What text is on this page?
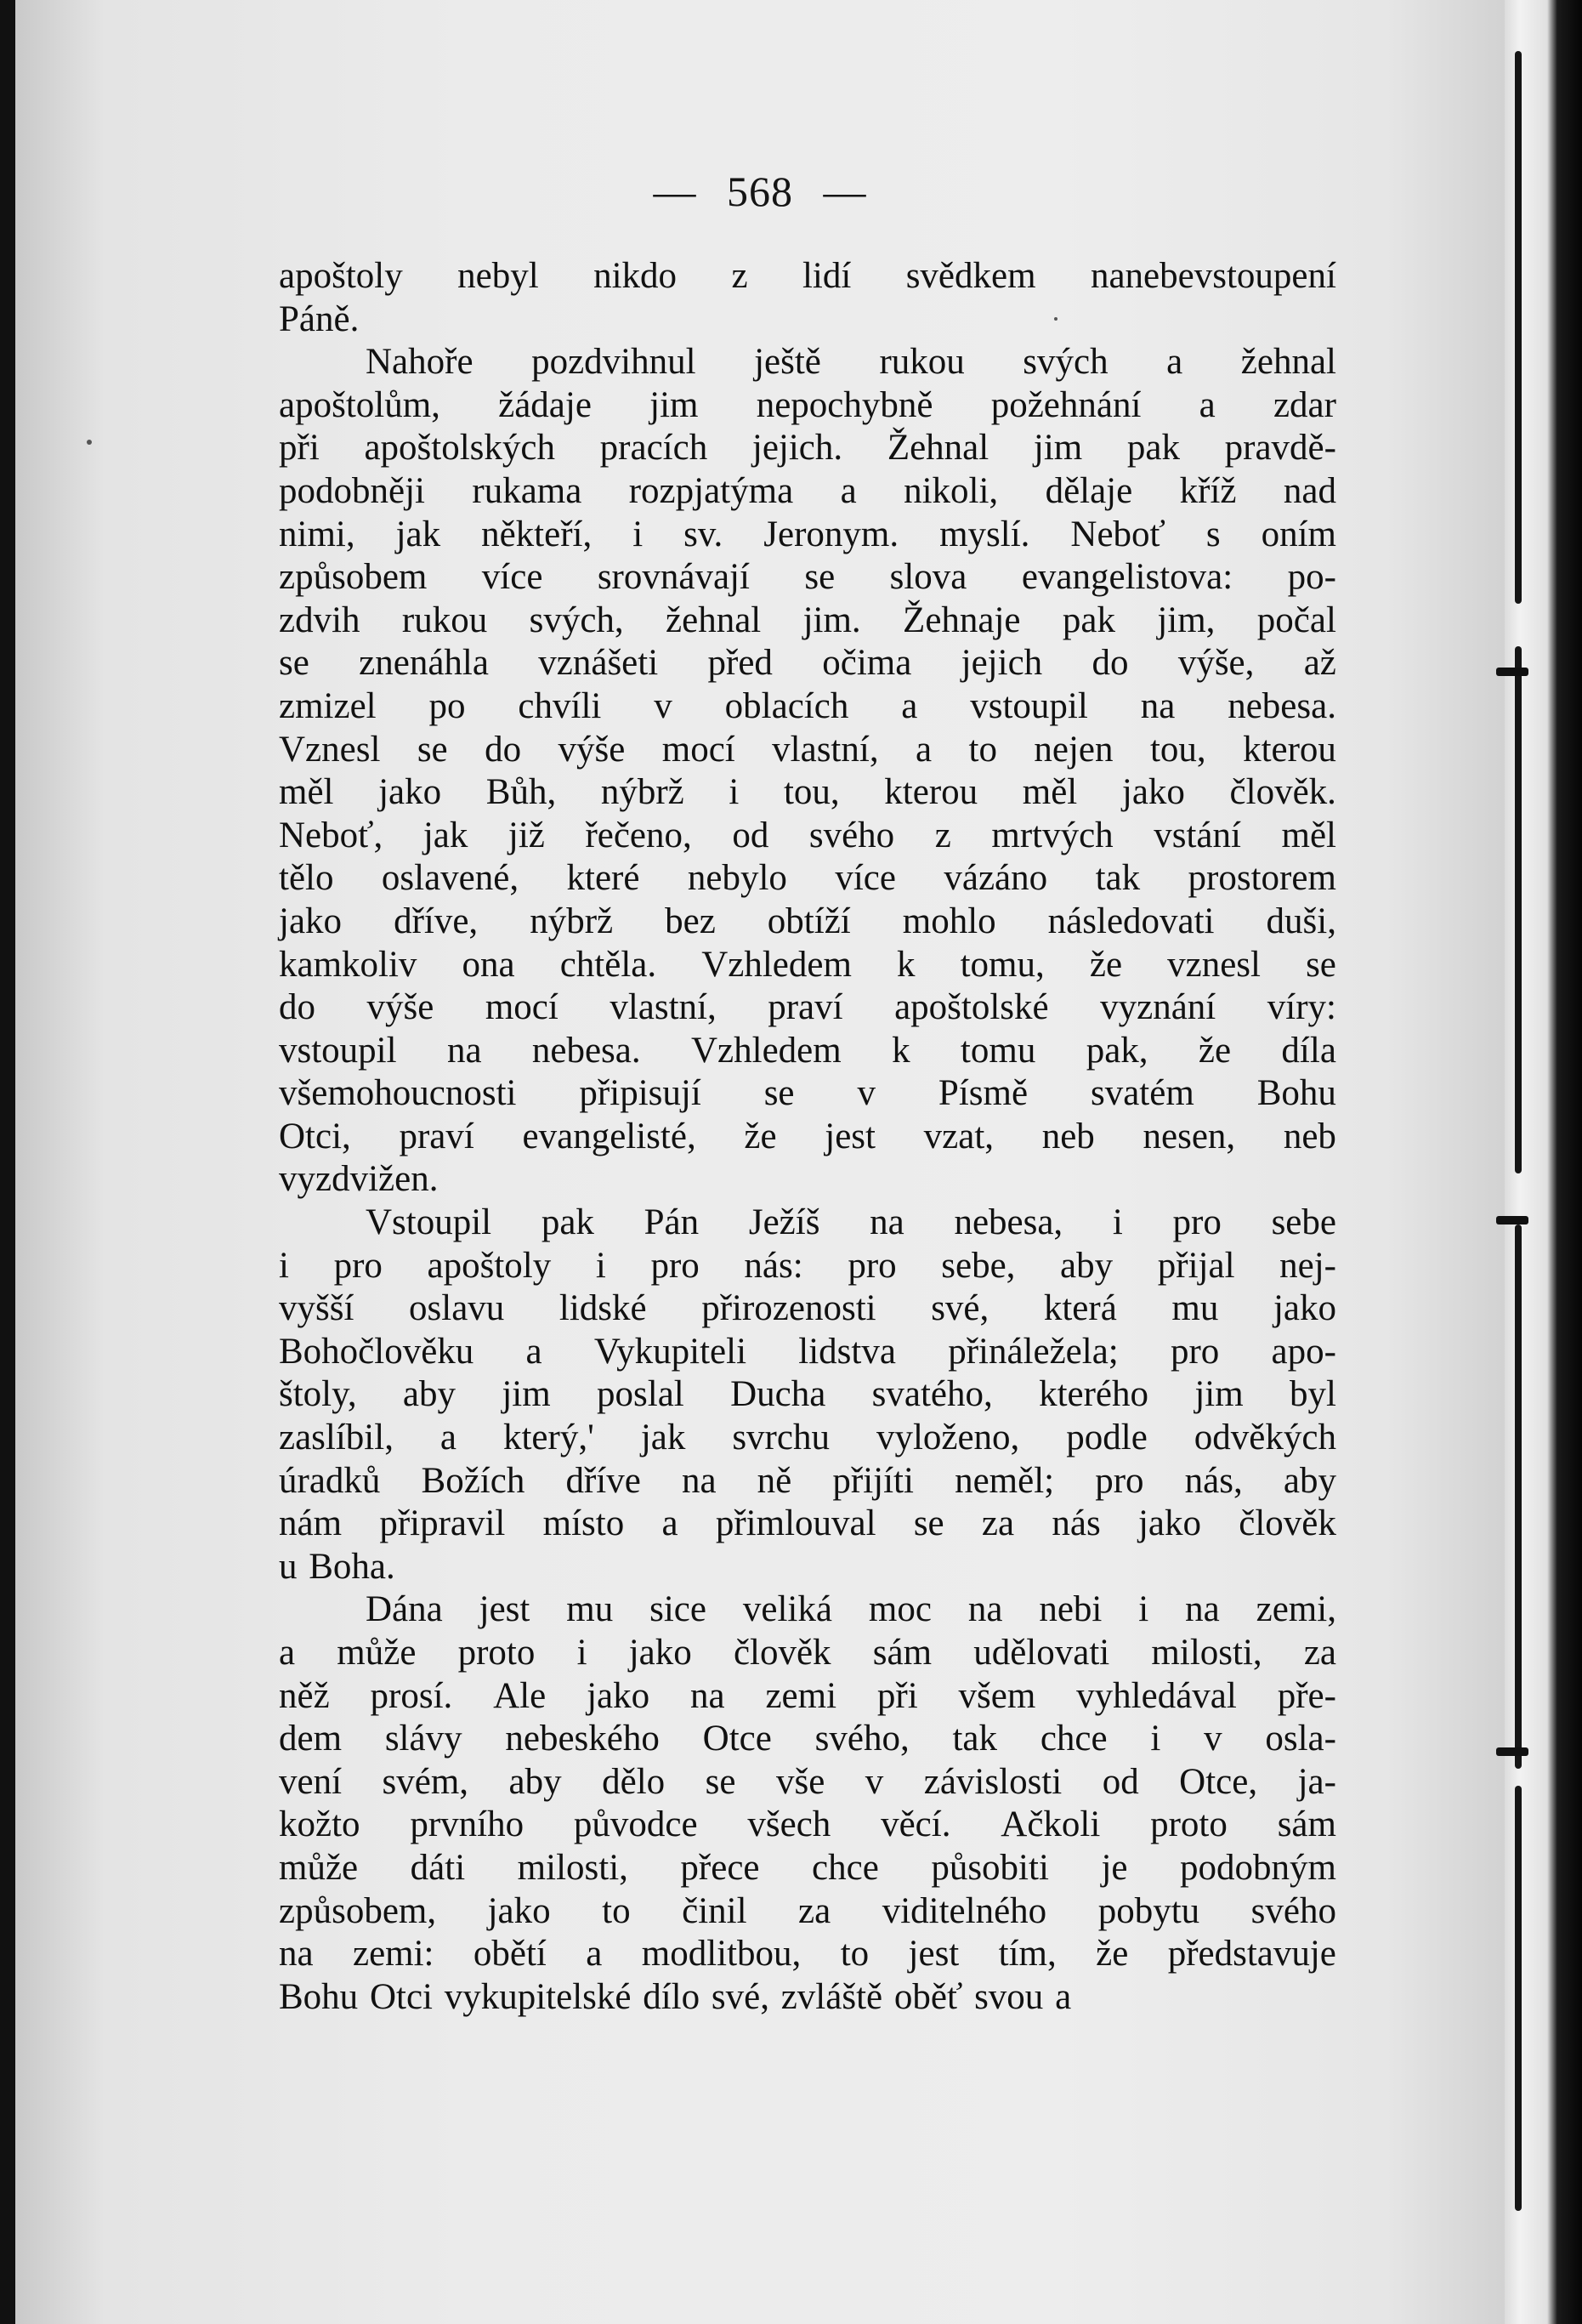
— 568 —
apoštoly nebyl nikdo z lidí svědkem nanebevstoupení
Páně.
Nahoře pozdvihnul ještě rukou svých a žehnal
apoštolům, žádaje jim nepochybně požehnání a zdar
při apoštolských pracích jejich. Žehnal jim pak pravdě-
podobněji rukama rozpjatýma a nikoli, dělaje kříž nad
nimi, jak někteří, i sv. Jeronym. myslí. Neboť s oním
způsobem více srovnávají se slova evangelistova: po-
zdvih rukou svých, žehnal jim. Žehnaje pak jim, počal
se znenáhla vznášeti před očima jejich do výše, až
zmizel po chvíli v oblacích a vstoupil na nebesa.
Vznesl se do výše mocí vlastní, a to nejen tou, kterou
měl jako Bůh, nýbrž i tou, kterou měl jako člověk.
Neboť, jak již řečeno, od svého z mrtvých vstání měl
tělo oslavené, které nebylo více vázáno tak prostorem
jako dříve, nýbrž bez obtíží mohlo následovati duši,
kamkoliv ona chtěla. Vzhledem k tomu, že vznesl se
do výše mocí vlastní, praví apoštolské vyznání víry:
vstoupil na nebesa. Vzhledem k tomu pak, že díla
všemohoucnosti připisují se v Písmě svatém Bohu
Otci, praví evangelisté, že jest vzat, neb nesen, neb
vyzdvižen.
Vstoupil pak Pán Ježíš na nebesa, i pro sebe
i pro apoštoly i pro nás: pro sebe, aby přijal nej-
vyšší oslavu lidské přirozenosti své, která mu jako
Bohočlověku a Vykupiteli lidstva přináležela; pro apo-
štoly, aby jim poslal Ducha svatého, kterého jim byl
zaslíbil, a který,' jak svrchu vyloženo, podle odvěkých
úradků Božích dříve na ně přijíti neměl; pro nás, aby
nám připravil místo a přimlouval se za nás jako člověk
u Boha.
Dána jest mu sice veliká moc na nebi i na zemi,
a může proto i jako člověk sám udělovati milosti, za
něž prosí. Ale jako na zemi při všem vyhledával pře-
dem slávy nebeského Otce svého, tak chce i v osla-
vení svém, aby dělo se vše v závislosti od Otce, ja-
kožto prvního původce všech věcí. Ačkoli proto sám
může dáti milosti, přece chce působiti je podobným
způsobem, jako to činil za viditelného pobytu svého
na zemi: obětí a modlitbou, to jest tím, že představuje
Bohu Otci vykupitelské dílo své, zvláště oběť svou a
